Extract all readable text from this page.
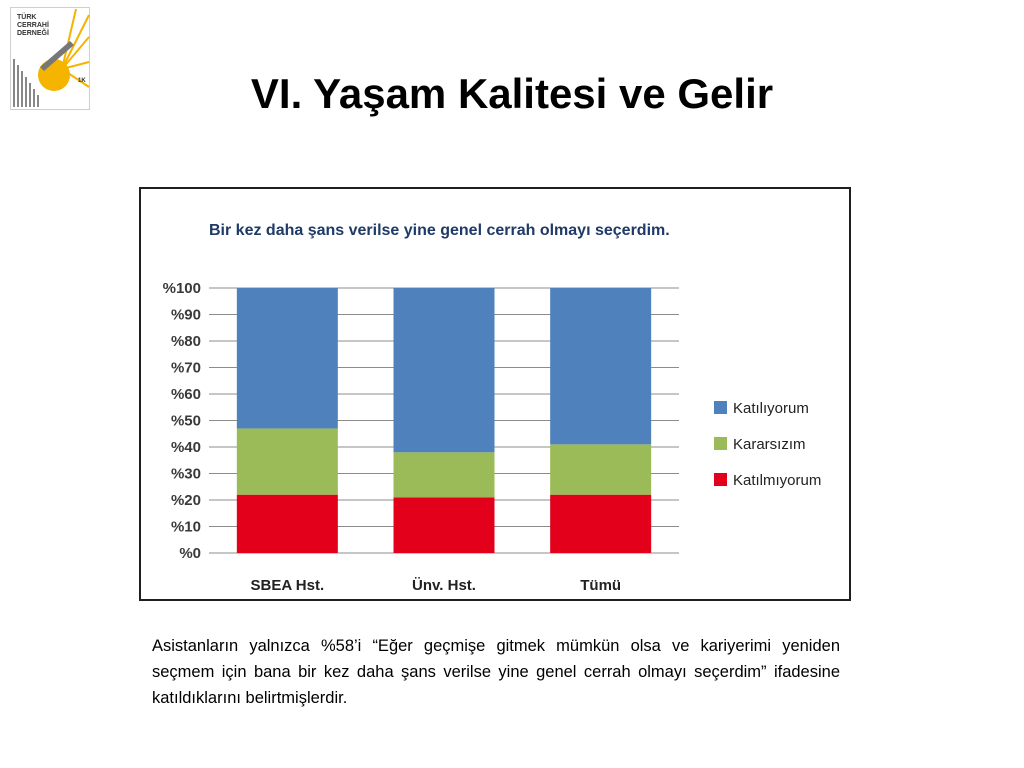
TÜRK
CERRAHİ
DERNEĞİ
1K	VI. Yaşam Kalitesi ve Gelir
Bir kez daha şans verilse yine genel cerrah olmayı seçerdim.
%0
%10
%20
%30
%40
%50
%60
%70
%80
%90
%100
SBEA Hst.	Ünv. Hst.	Tümü
Katılıyorum
Kararsızım
Katılmıyorum

Asistanların yalnızca %58’i “Eğer geçmişe gitmek mümkün olsa ve kariyerimi yeniden seçmem için bana bir kez daha şans verilse yine genel cerrah olmayı seçerdim” ifadesine katıldıklarını belirtmişlerdir.
